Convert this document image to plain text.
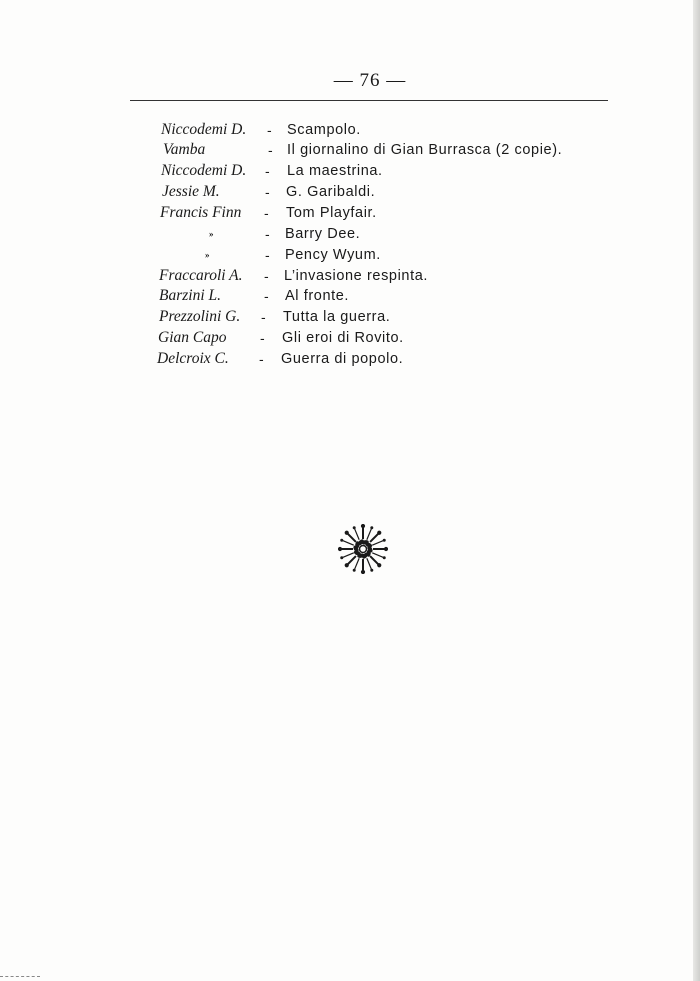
— 76 —
Niccodemi D. - Scampolo.
Vamba	- Il giornalino di Gian Burrasca (2 copie).
Niccodemi D. - La maestrina.
Jessie M.	- G. Garibaldi.
Francis Finn - Tom Playfair.
»	- Barry Dee.
»	- Pency Wyum.
Fraccaroli A. - L’invasione respinta.
Barzini L.	- Al fronte.
Prezzolini G. - Tutta la guerra.
Gian Capo - Gli eroi di Rovito.
Delcroix C. - Guerra di popolo.
